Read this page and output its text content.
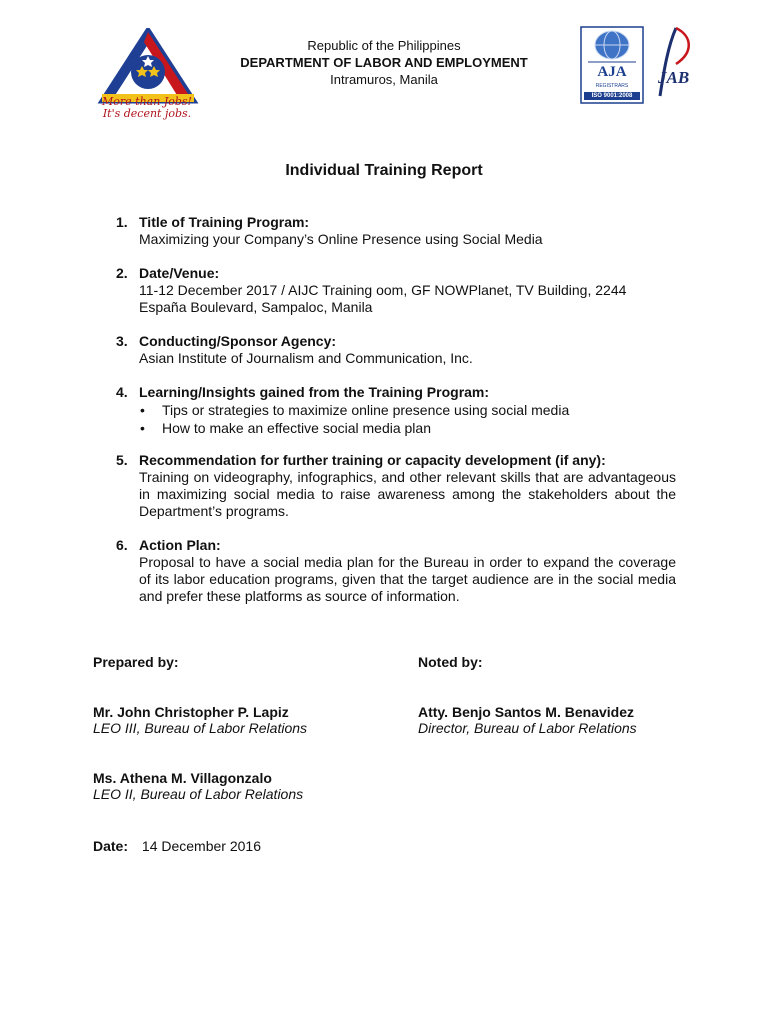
More than Jobs!
It's decent jobs.
Republic of the Philippines
DEPARTMENT OF LABOR AND EMPLOYMENT
Intramuros, Manila	AJA
REGISTRARS
ISO 9001:2008
JAB
Individual Training Report
1. Title of Training Program:
Maximizing your Company’s Online Presence using Social Media
2. Date/Venue:
11-12 December 2017 / AIJC Training oom, GF NOWPlanet, TV Building, 2244
España Boulevard, Sampaloc, Manila
3. Conducting/Sponsor Agency:
Asian Institute of Journalism and Communication, Inc.
4. Learning/Insights gained from the Training Program:
• Tips or strategies to maximize online presence using social media
• How to make an effective social media plan
5. Recommendation for further training or capacity development (if any):
Training on videography, infographics, and other relevant skills that are advantageous in maximizing social media to raise awareness among the stakeholders about the Department’s programs.
6. Action Plan:
Proposal to have a social media plan for the Bureau in order to expand the coverage of its labor education programs, given that the target audience are in the social media and prefer these platforms as source of information.
Prepared by:	Noted by:
Mr. John Christopher P. Lapiz
LEO III, Bureau of Labor Relations
Atty. Benjo Santos M. Benavidez
Director, Bureau of Labor Relations
Ms. Athena M. Villagonzalo
LEO II, Bureau of Labor Relations
Date: 14 December 2016
